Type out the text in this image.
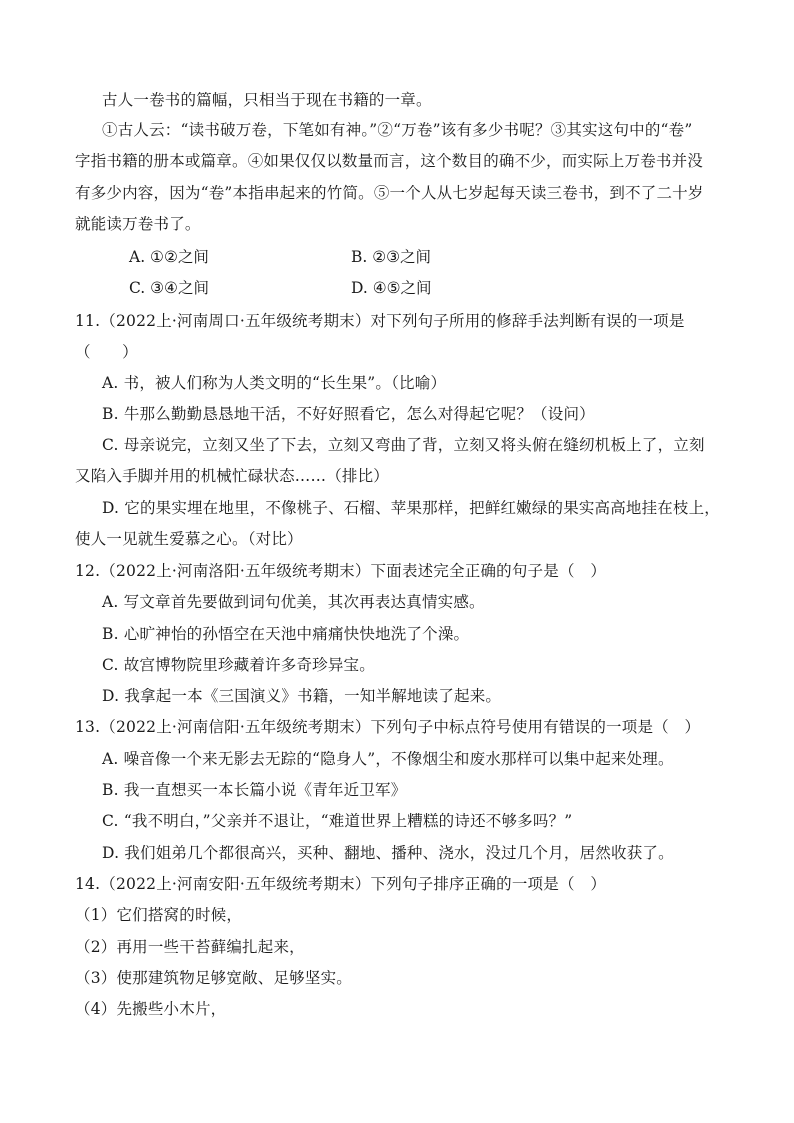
古人一卷书的篇幅，只相当于现在书籍的一章。
①古人云：“读书破万卷，下笔如有神。”②“万卷”该有多少书呢？③其实这句中的“卷”
字指书籍的册本或篇章。④如果仅仅以数量而言，这个数目的确不少，而实际上万卷书并没
有多少内容，因为“卷”本指串起来的竹简。⑤一个人从七岁起每天读三卷书，到不了二十岁
就能读万卷书了。
A. ①②之间	B. ②③之间
C. ③④之间	D. ④⑤之间
11.（2022上·河南周口·五年级统考期末）对下列句子所用的修辞手法判断有误的一项是
（　　）
A. 书，被人们称为人类文明的“长生果”。（比喻）
B. 牛那么勤勤恳恳地干活，不好好照看它，怎么对得起它呢？（设问）
C. 母亲说完，立刻又坐了下去，立刻又弯曲了背，立刻又将头俯在缝纫机板上了，立刻
又陷入手脚并用的机械忙碌状态……（排比）
D. 它的果实埋在地里，不像桃子、石榴、苹果那样，把鲜红嫩绿的果实高高地挂在枝上，
使人一见就生爱慕之心。（对比）
12.（2022上·河南洛阳·五年级统考期末）下面表述完全正确的句子是（　）
A. 写文章首先要做到词句优美，其次再表达真情实感。
B. 心旷神怡的孙悟空在天池中痛痛快快地洗了个澡。
C. 故宫博物院里珍藏着许多奇珍异宝。
D. 我拿起一本《三国演义》书籍，一知半解地读了起来。
13.（2022上·河南信阳·五年级统考期末）下列句子中标点符号使用有错误的一项是（　）
A. 噪音像一个来无影去无踪的“隐身人”，不像烟尘和废水那样可以集中起来处理。
B. 我一直想买一本长篇小说《青年近卫军》
C. “我不明白，”父亲并不退让，“难道世界上糟糕的诗还不够多吗？”
D. 我们姐弟几个都很高兴，买种、翻地、播种、浇水，没过几个月，居然收获了。
14.（2022上·河南安阳·五年级统考期末）下列句子排序正确的一项是（　）
（1）它们搭窝的时候，
（2）再用一些干苔藓编扎起来，
（3）使那建筑物足够宽敞、足够坚实。
（4）先搬些小木片，
